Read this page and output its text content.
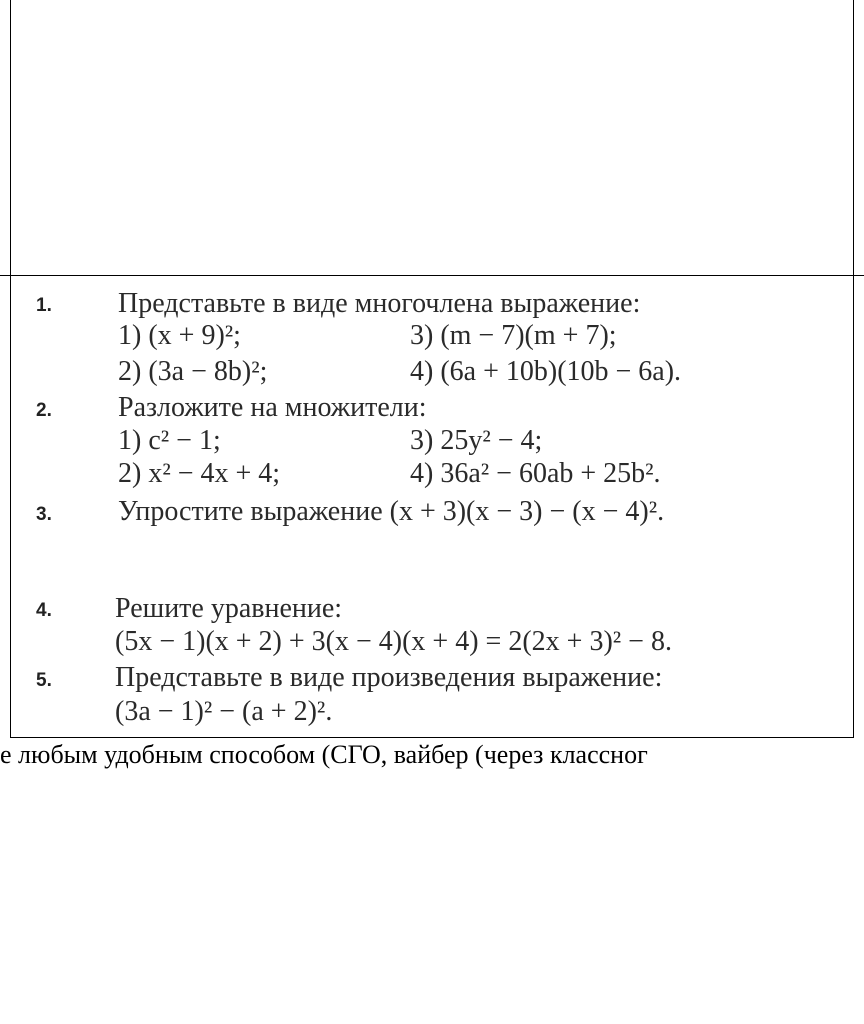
1. Представьте в виде многочлена выражение:
1) (x + 9)²;	3) (m − 7)(m + 7);
2) (3a − 8b)²;	4) (6a + 10b)(10b − 6a).
2. Разложите на множители:
1) c² − 1;	3) 25y² − 4;
2) x² − 4x + 4;	4) 36a² − 60ab + 25b².
3. Упростите выражение (x + 3)(x − 3) − (x − 4)².
4. Решите уравнение:
(5x − 1)(x + 2) + 3(x − 4)(x + 4) = 2(2x + 3)² − 8.
5. Представьте в виде произведения выражение:
(3a − 1)² − (a + 2)².
е любым удобным способом (СГО, вайбер (через классног
